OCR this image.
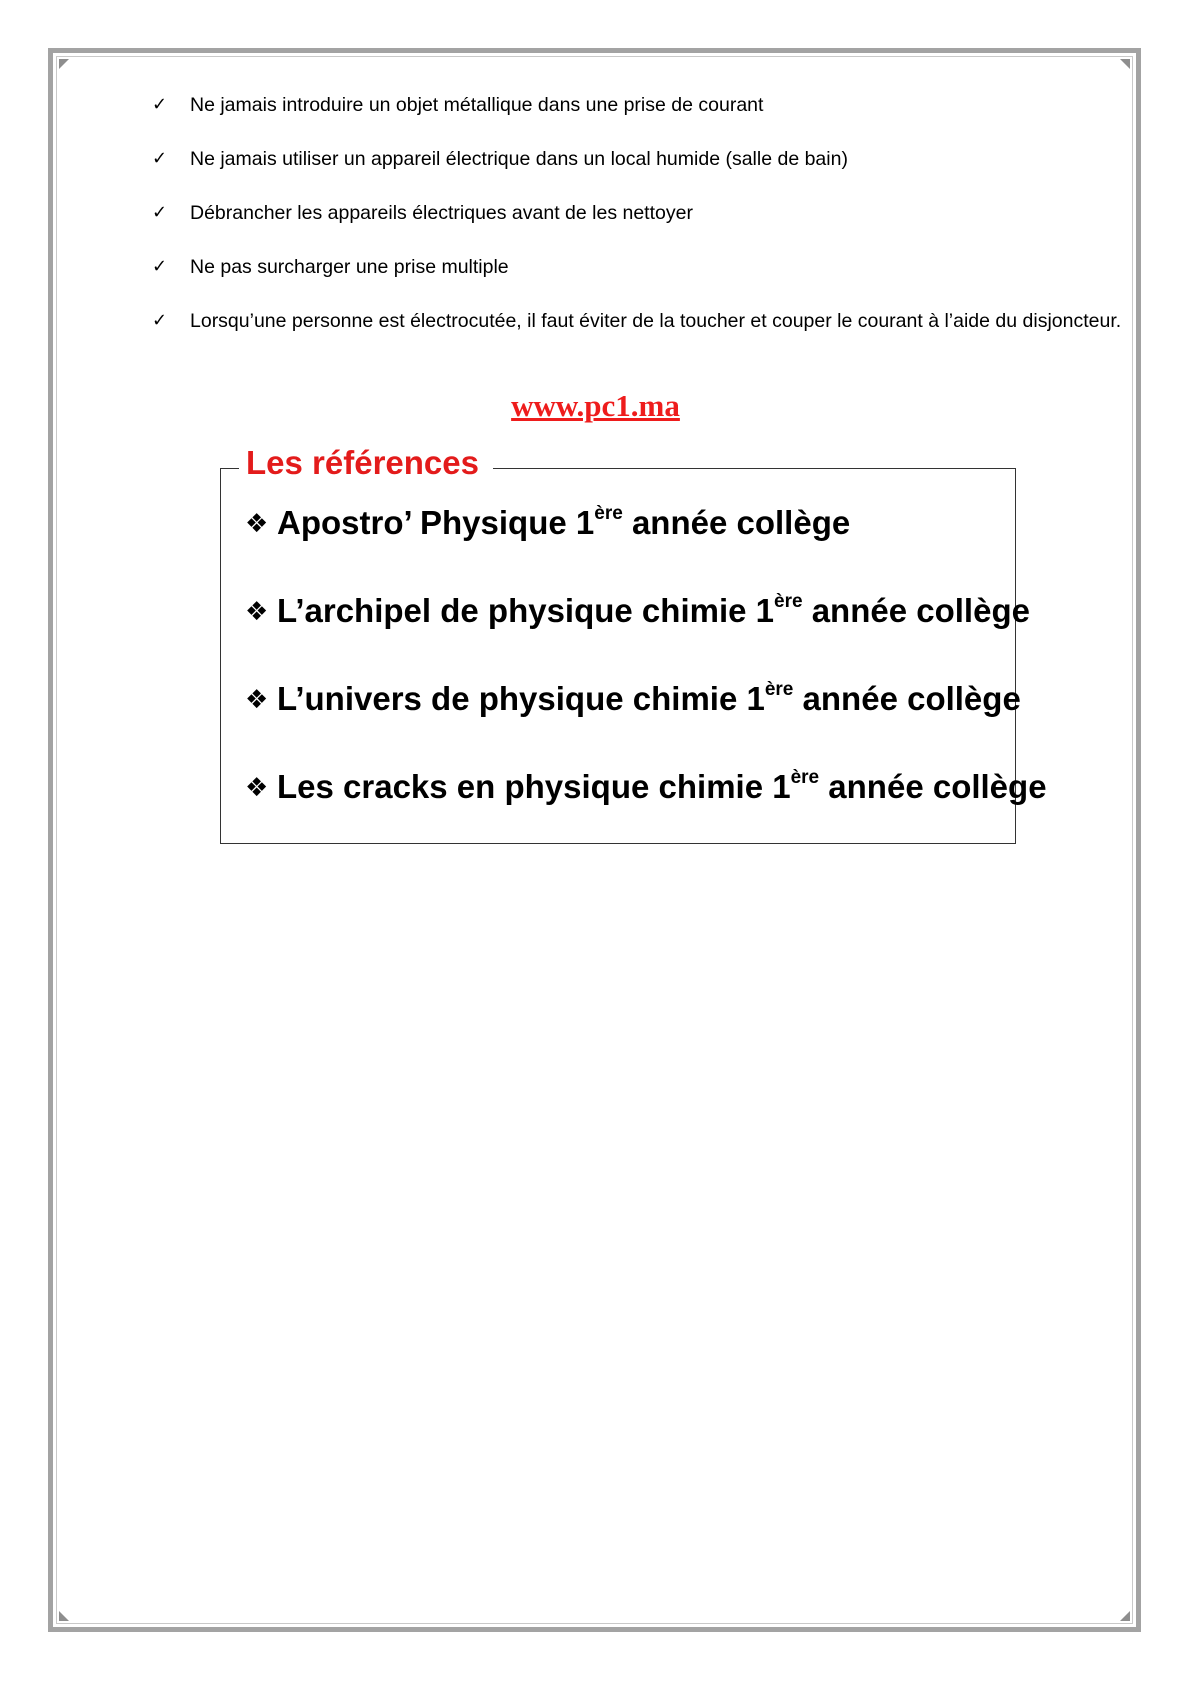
✓ Ne jamais introduire un objet métallique dans une prise de courant
✓ Ne jamais utiliser un appareil électrique dans un local humide (salle de bain)
✓ Débrancher les appareils électriques avant de les nettoyer
✓ Ne pas surcharger une prise multiple
✓ Lorsqu’une personne est électrocutée, il faut éviter de la toucher et couper le courant à l’aide du disjoncteur.
www.pc1.ma
Les références
❖ Apostro’ Physique 1ère année collège
❖ L’archipel de physique chimie 1ère année collège
❖ L’univers de physique chimie 1ère année collège
❖ Les cracks en physique chimie 1ère année collège
